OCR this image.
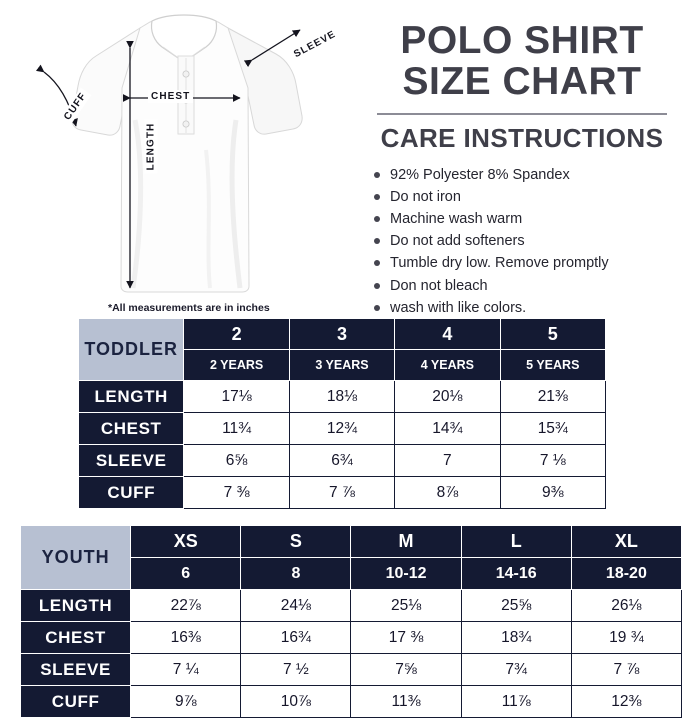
CHEST
SLEEVE
CUFF
LENGTH
*All measurements are in inches
POLO SHIRT
SIZE CHART
CARE INSTRUCTIONS
92% Polyester 8% Spandex
Do not iron
Machine wash warm
Do not add softeners
Tumble dry low. Remove promptly
Don not bleach
wash with like colors.
TODDLER	2	3	4	5
	2 YEARS	3 YEARS	4 YEARS	5 YEARS
LENGTH	17⅛	18⅛	20⅛	21⅜
CHEST	11¾	12¾	14¾	15¾
SLEEVE	6⅝	6¾	7	7 ⅛
CUFF	7 ⅜	7 ⅞	8⅞	9⅜
YOUTH	XS	S	M	L	XL
	6	8	10-12	14-16	18-20
LENGTH	22⅞	24⅛	25⅛	25⅝	26⅛
CHEST	16⅜	16¾	17 ⅜	18¾	19 ¾
SLEEVE	7 ¼	7 ½	7⅝	7¾	7 ⅞
CUFF	9⅞	10⅞	11⅜	11⅞	12⅜
